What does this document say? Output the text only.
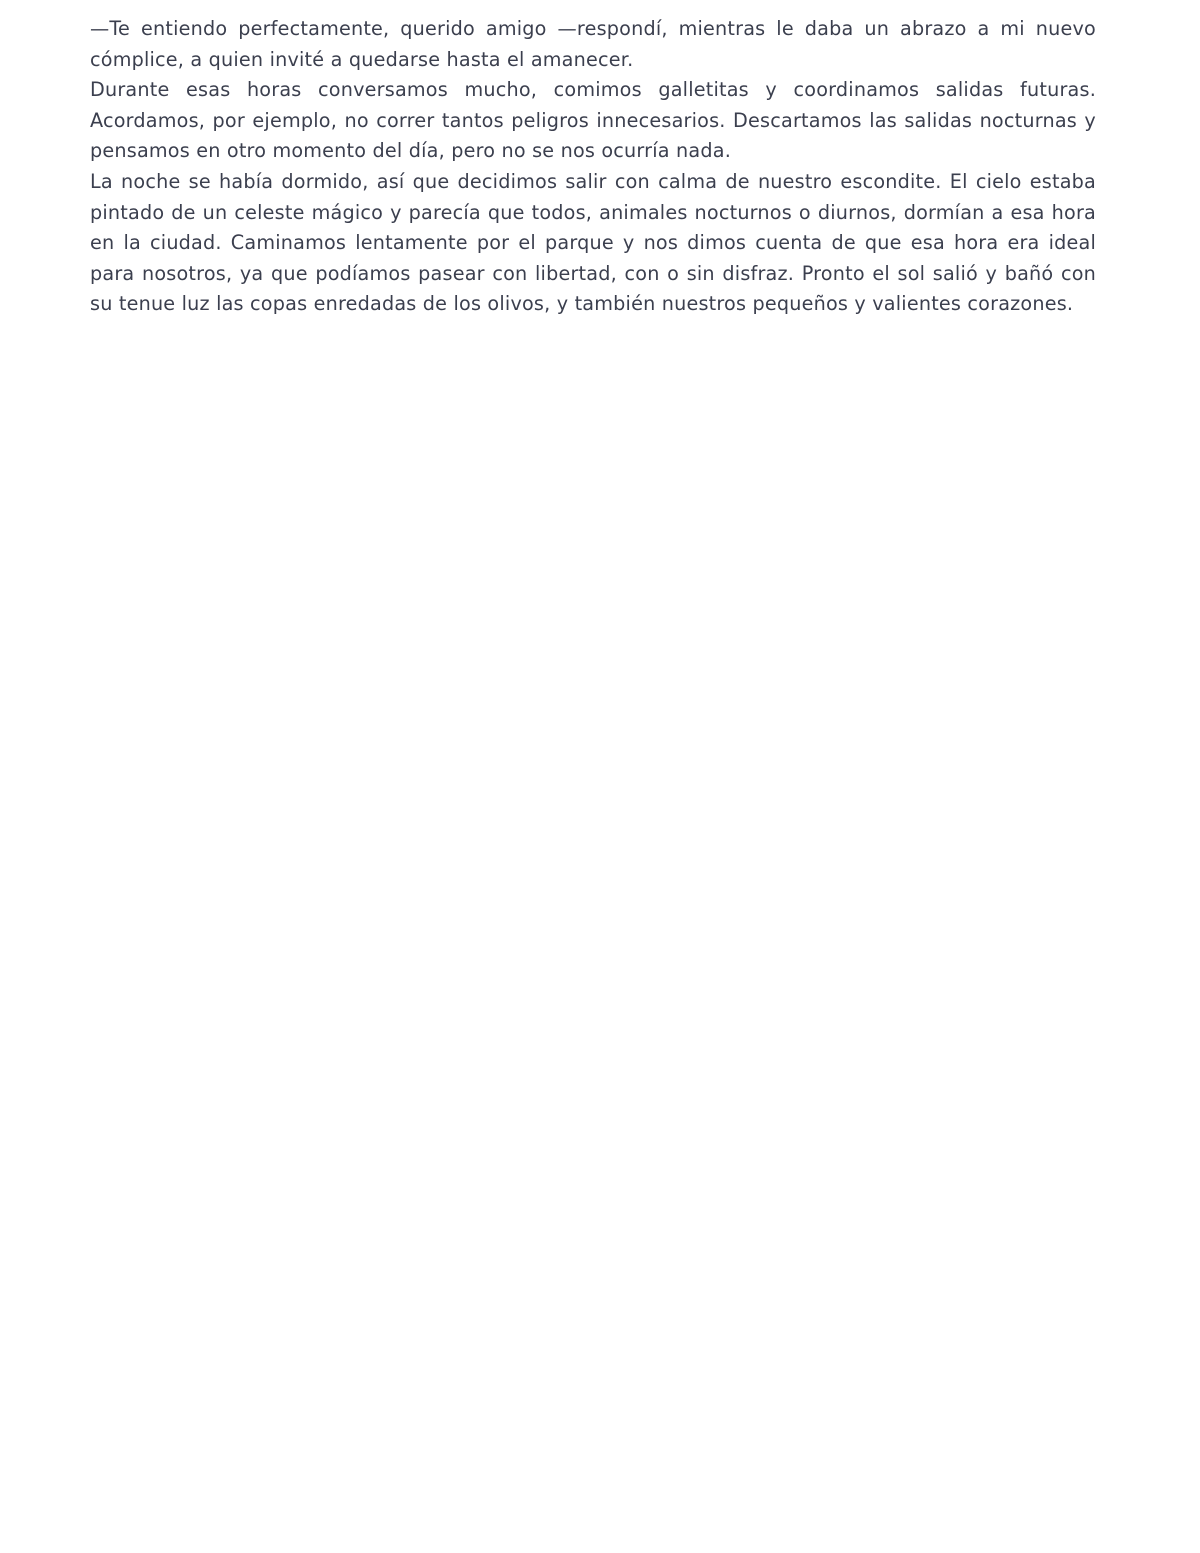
—Te entiendo perfectamente, querido amigo —respondí, mientras le daba un abrazo a mi nuevo cómplice, a quien invité a quedarse hasta el amanecer.

Durante esas horas conversamos mucho, comimos galletitas y coordinamos salidas futuras. Acordamos, por ejemplo, no correr tantos peligros innecesarios. Descartamos las salidas nocturnas y pensamos en otro momento del día, pero no se nos ocurría nada.

La noche se había dormido, así que decidimos salir con calma de nuestro escondite. El cielo estaba pintado de un celeste mágico y parecía que todos, animales nocturnos o diurnos, dormían a esa hora en la ciudad. Caminamos lentamente por el parque y nos dimos cuenta de que esa hora era ideal para nosotros, ya que podíamos pasear con libertad, con o sin disfraz. Pronto el sol salió y bañó con su tenue luz las copas enredadas de los olivos, y también nuestros pequeños y valientes corazones.
